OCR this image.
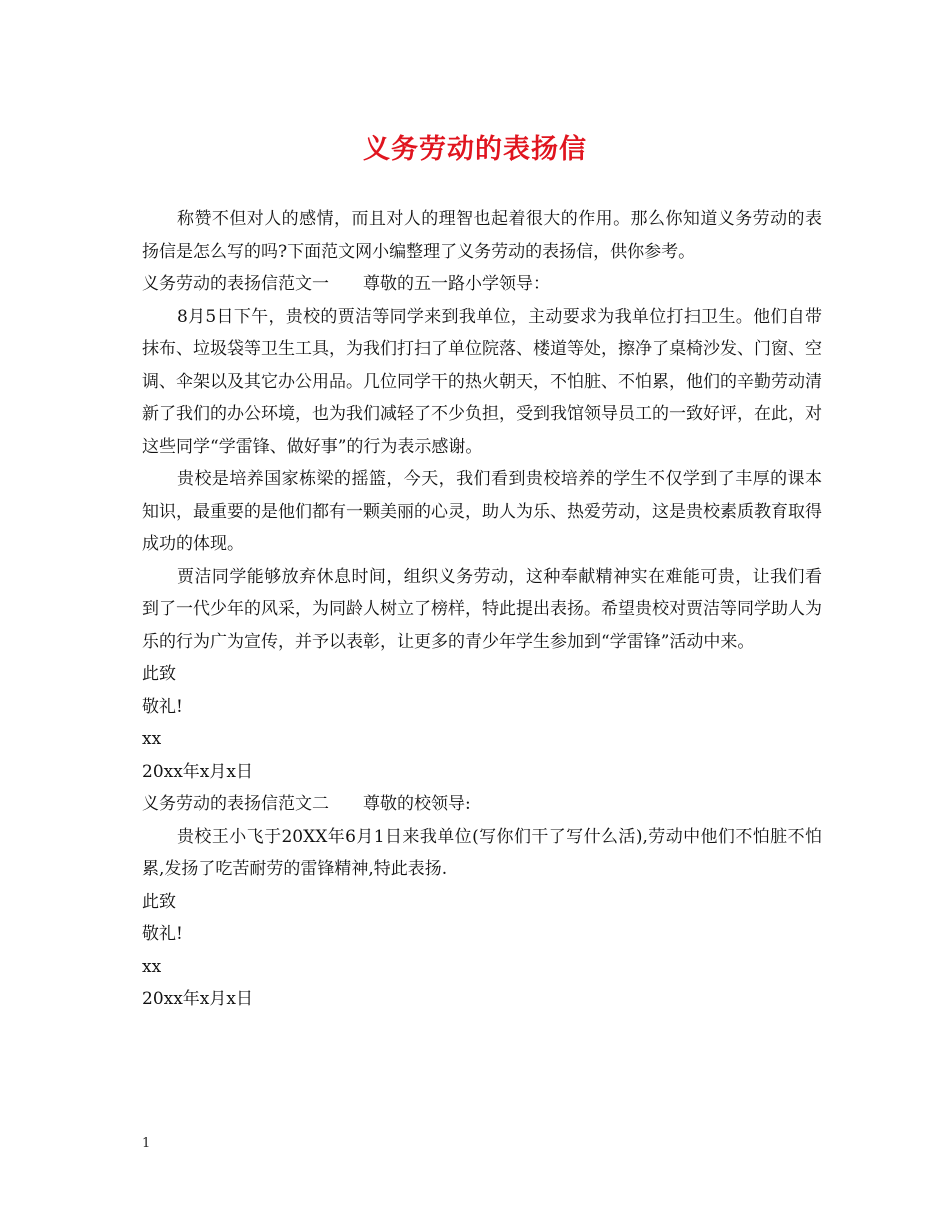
义务劳动的表扬信

称赞不但对人的感情，而且对人的理智也起着很大的作用。那么你知道义务劳动的表扬信是怎么写的吗?下面范文网小编整理了义务劳动的表扬信，供你参考。

义务劳动的表扬信范文一　　尊敬的五一路小学领导：

8月5日下午，贵校的贾洁等同学来到我单位，主动要求为我单位打扫卫生。他们自带抹布、垃圾袋等卫生工具，为我们打扫了单位院落、楼道等处，擦净了桌椅沙发、门窗、空调、伞架以及其它办公用品。几位同学干的热火朝天，不怕脏、不怕累，他们的辛勤劳动清新了我们的办公环境，也为我们减轻了不少负担，受到我馆领导员工的一致好评，在此，对这些同学“学雷锋、做好事”的行为表示感谢。

贵校是培养国家栋梁的摇篮，今天，我们看到贵校培养的学生不仅学到了丰厚的课本知识，最重要的是他们都有一颗美丽的心灵，助人为乐、热爱劳动，这是贵校素质教育取得成功的体现。

贾洁同学能够放弃休息时间，组织义务劳动，这种奉献精神实在难能可贵，让我们看到了一代少年的风采，为同龄人树立了榜样，特此提出表扬。希望贵校对贾洁等同学助人为乐的行为广为宣传，并予以表彰，让更多的青少年学生参加到“学雷锋”活动中来。

此致

敬礼!

xx

20xx年x月x日

义务劳动的表扬信范文二　　尊敬的校领导:

贵校王小飞于20XX年6月1日来我单位(写你们干了写什么活),劳动中他们不怕脏不怕累,发扬了吃苦耐劳的雷锋精神,特此表扬.

此致

敬礼!

xx

20xx年x月x日

1
